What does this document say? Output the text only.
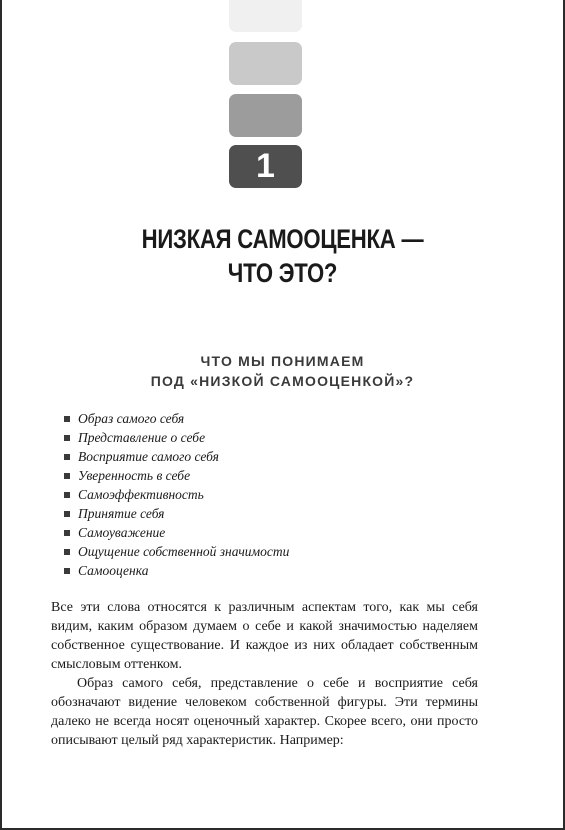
1
НИЗКАЯ САМООЦЕНКА —
ЧТО ЭТО?
ЧТО МЫ ПОНИМАЕМ
ПОД «НИЗКОЙ САМООЦЕНКОЙ»?
Образ самого себя
Представление о себе
Восприятие самого себя
Уверенность в себе
Самоэффективность
Принятие себя
Самоуважение
Ощущение собственной значимости
Самооценка

Все эти слова относятся к различным аспектам того, как мы себя видим, каким образом думаем о себе и какой значимостью наделяем собственное существование. И каждое из них обладает собственным смысловым оттенком.

Образ самого себя, представление о себе и восприятие себя обозначают видение человеком собственной фигуры. Эти термины далеко не всегда носят оценочный характер. Скорее всего, они просто описывают целый ряд характеристик. Например:
